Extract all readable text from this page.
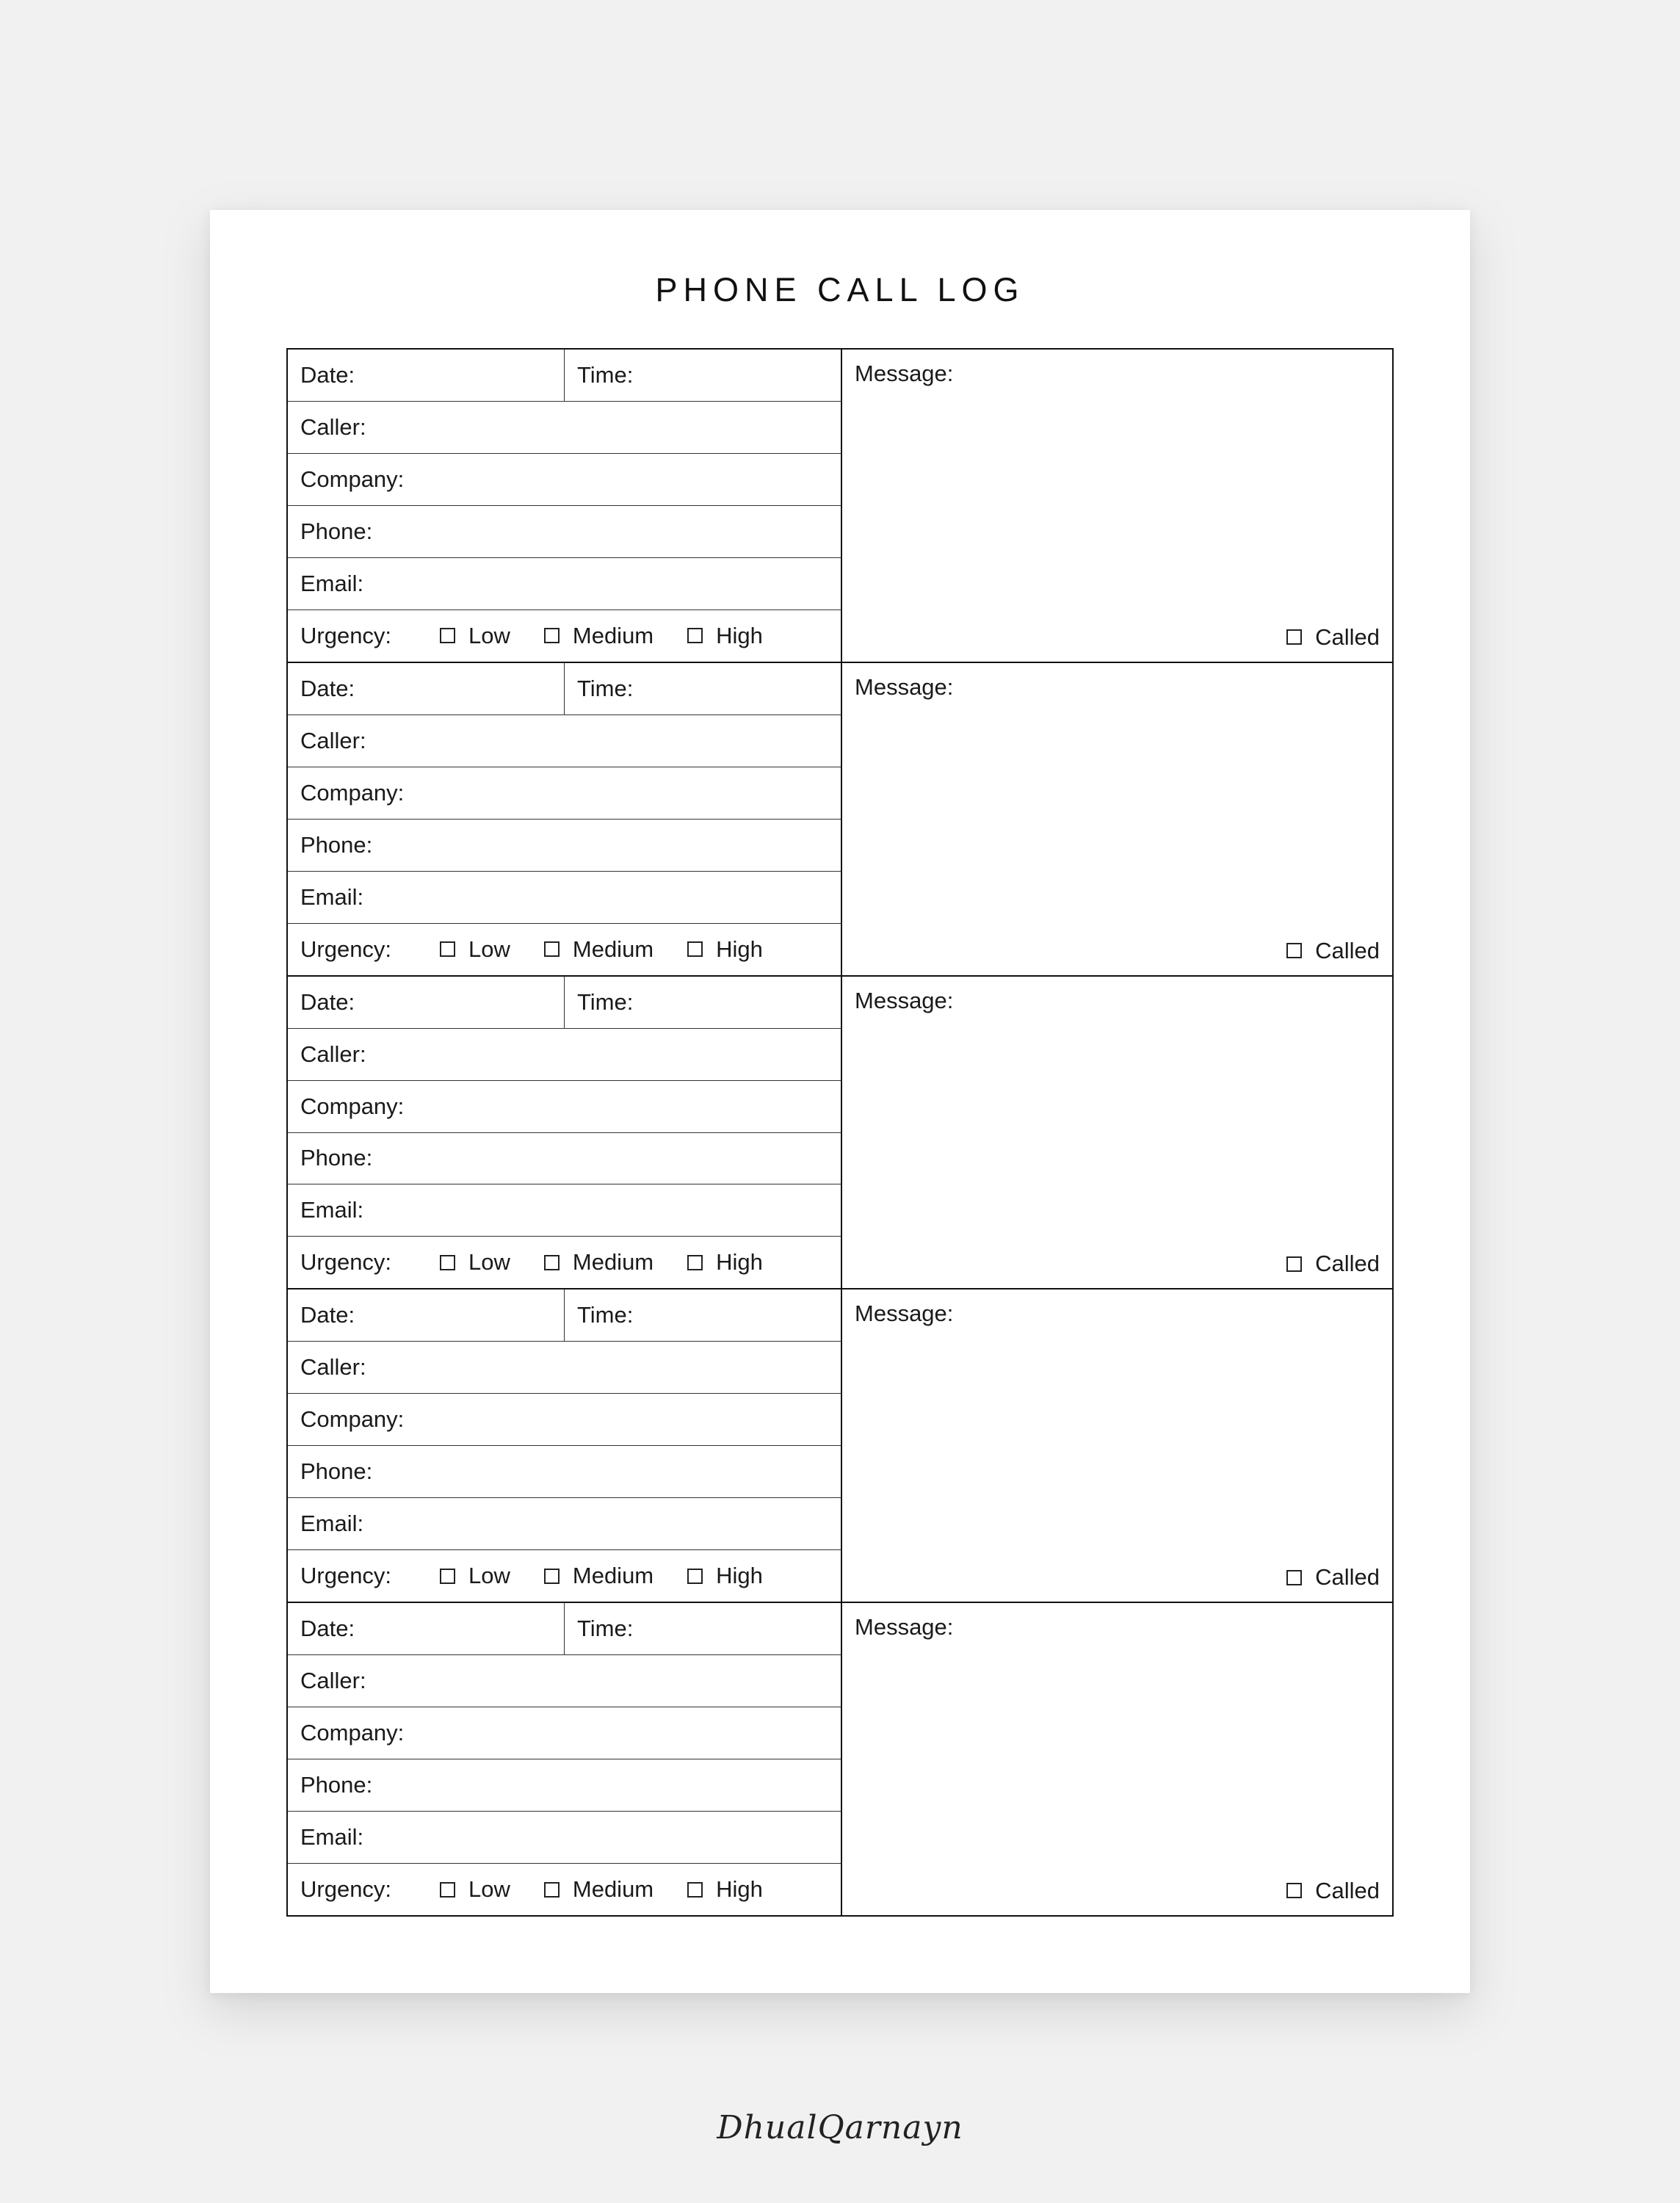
PHONE CALL LOG
Date:	Time:
Caller:
Company:
Phone:
Email:
Urgency:	Low	Medium	High
Message:
Called
Date:	Time:
Caller:
Company:
Phone:
Email:
Urgency:	Low	Medium	High
Message:
Called
Date:	Time:
Caller:
Company:
Phone:
Email:
Urgency:	Low	Medium	High
Message:
Called
Date:	Time:
Caller:
Company:
Phone:
Email:
Urgency:	Low	Medium	High
Message:
Called
Date:	Time:
Caller:
Company:
Phone:
Email:
Urgency:	Low	Medium	High
Message:
Called
DhualQarnayn
